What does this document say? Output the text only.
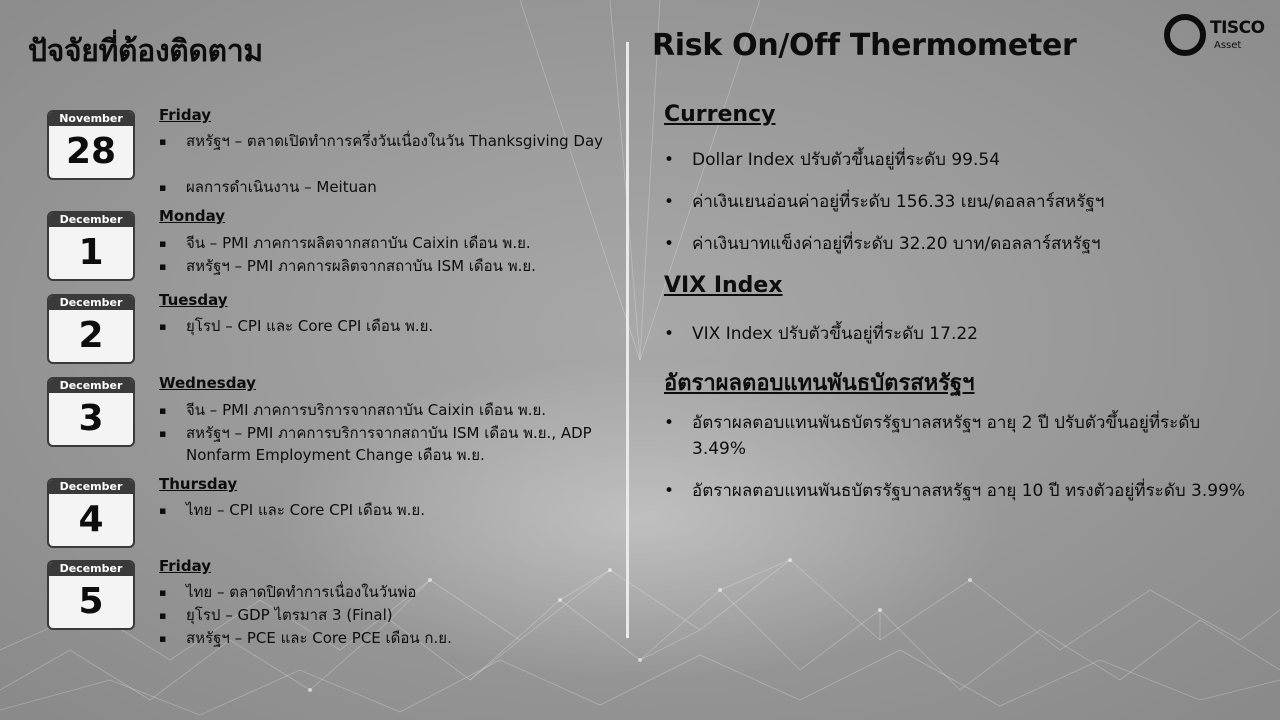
ปัจจัยที่ต้องติดตาม	Risk On/Off Thermometer	TISCO
Asset
November
28
Friday
▪ สหรัฐฯ – ตลาดเปิดทำการครึ่งวันเนื่องในวัน Thanksgiving Day
▪ ผลการดำเนินงาน – Meituan
December
1
Monday
▪ จีน – PMI ภาคการผลิตจากสถาบัน Caixin เดือน พ.ย.
▪ สหรัฐฯ – PMI ภาคการผลิตจากสถาบัน ISM เดือน พ.ย.
December
2
Tuesday
▪ ยุโรป – CPI และ Core CPI เดือน พ.ย.
December
3
Wednesday
▪ จีน – PMI ภาคการบริการจากสถาบัน Caixin เดือน พ.ย.
▪ สหรัฐฯ – PMI ภาคการบริการจากสถาบัน ISM เดือน พ.ย., ADP Nonfarm Employment Change เดือน พ.ย.
December
4
Thursday
▪ ไทย – CPI และ Core CPI เดือน พ.ย.
December
5
Friday
▪ ไทย – ตลาดปิดทำการเนื่องในวันพ่อ
▪ ยุโรป – GDP ไตรมาส 3 (Final)
▪ สหรัฐฯ – PCE และ Core PCE เดือน ก.ย.
Currency
• Dollar Index ปรับตัวขึ้นอยู่ที่ระดับ 99.54
• ค่าเงินเยนอ่อนค่าอยู่ที่ระดับ 156.33 เยน/ดอลลาร์สหรัฐฯ
• ค่าเงินบาทแข็งค่าอยู่ที่ระดับ 32.20 บาท/ดอลลาร์สหรัฐฯ
VIX Index
• VIX Index ปรับตัวขึ้นอยู่ที่ระดับ 17.22
อัตราผลตอบแทนพันธบัตรสหรัฐฯ
• อัตราผลตอบแทนพันธบัตรรัฐบาลสหรัฐฯ อายุ 2 ปี ปรับตัวขึ้นอยู่ที่ระดับ 3.49%
• อัตราผลตอบแทนพันธบัตรรัฐบาลสหรัฐฯ อายุ 10 ปี ทรงตัวอยู่ที่ระดับ 3.99%
